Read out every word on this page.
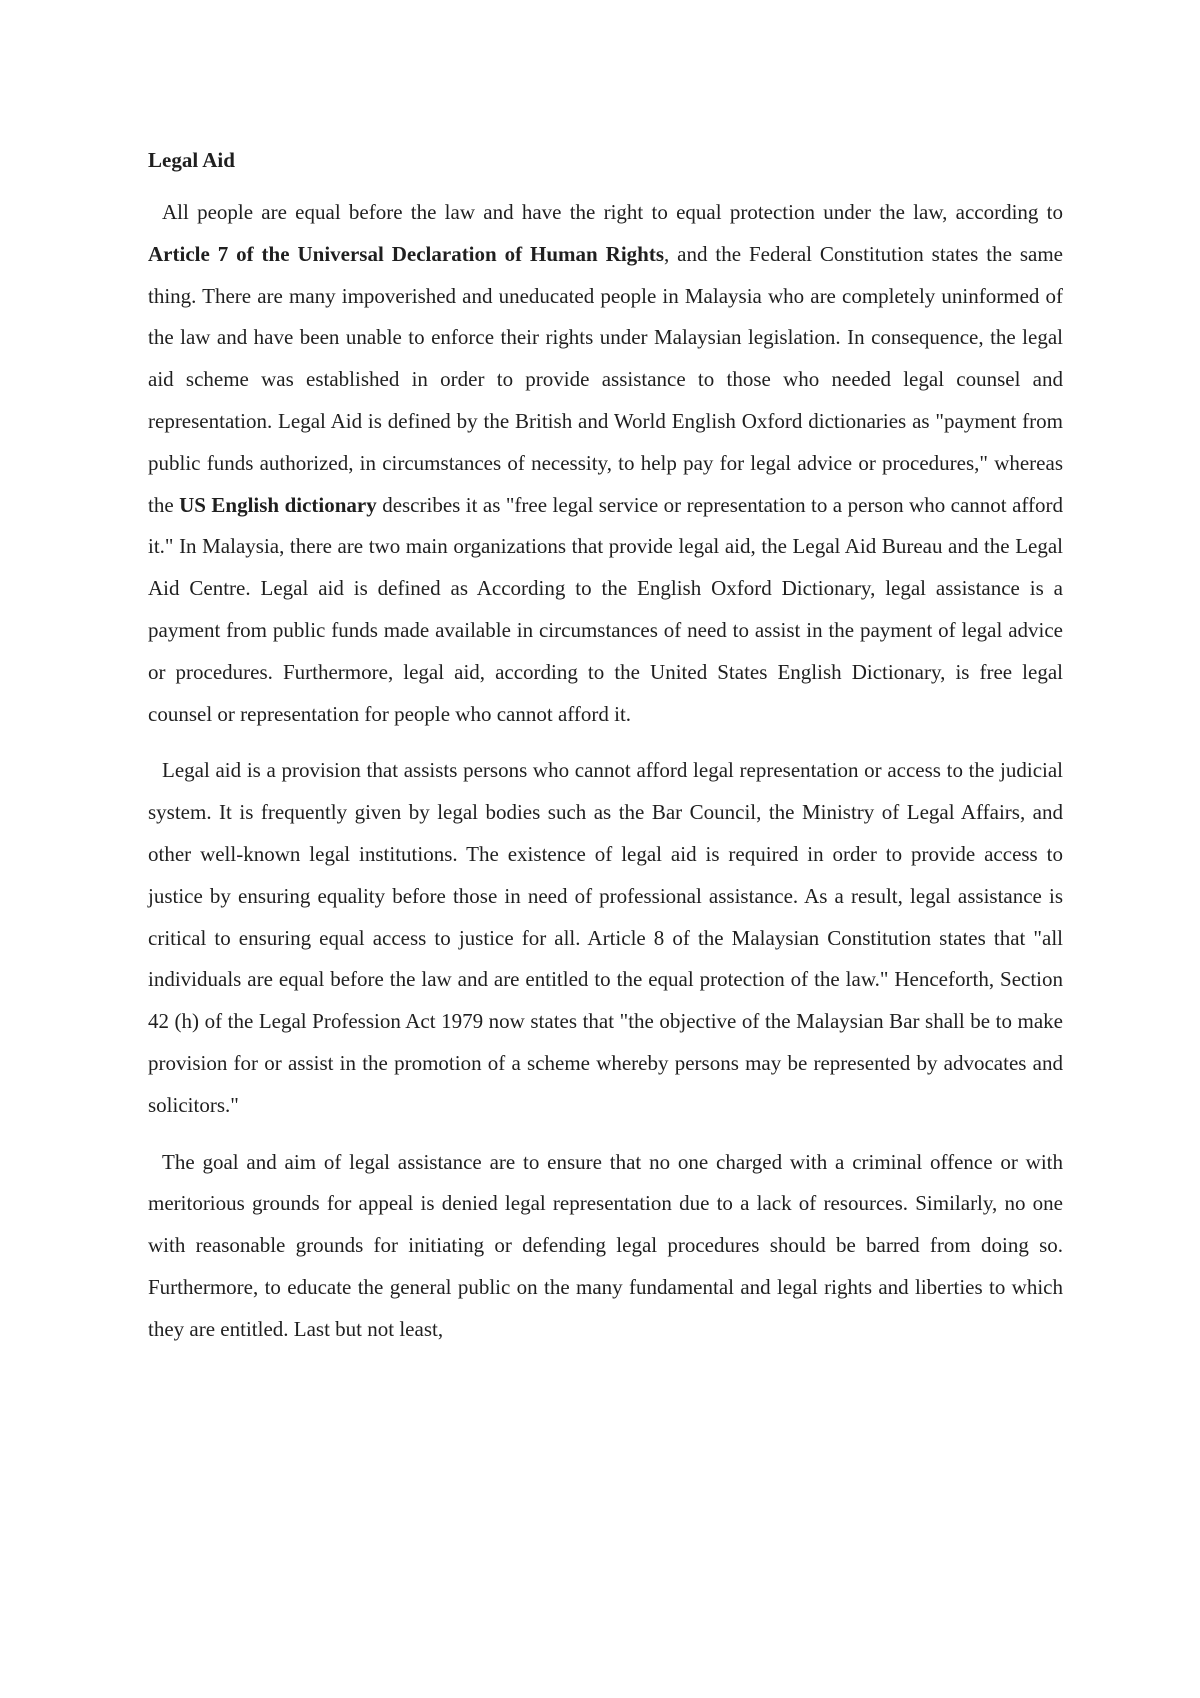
Legal Aid

All people are equal before the law and have the right to equal protection under the law, according to Article 7 of the Universal Declaration of Human Rights, and the Federal Constitution states the same thing. There are many impoverished and uneducated people in Malaysia who are completely uninformed of the law and have been unable to enforce their rights under Malaysian legislation. In consequence, the legal aid scheme was established in order to provide assistance to those who needed legal counsel and representation. Legal Aid is defined by the British and World English Oxford dictionaries as "payment from public funds authorized, in circumstances of necessity, to help pay for legal advice or procedures," whereas the US English dictionary describes it as "free legal service or representation to a person who cannot afford it." In Malaysia, there are two main organizations that provide legal aid, the Legal Aid Bureau and the Legal Aid Centre. Legal aid is defined as According to the English Oxford Dictionary, legal assistance is a payment from public funds made available in circumstances of need to assist in the payment of legal advice or procedures. Furthermore, legal aid, according to the United States English Dictionary, is free legal counsel or representation for people who cannot afford it.

Legal aid is a provision that assists persons who cannot afford legal representation or access to the judicial system. It is frequently given by legal bodies such as the Bar Council, the Ministry of Legal Affairs, and other well-known legal institutions. The existence of legal aid is required in order to provide access to justice by ensuring equality before those in need of professional assistance. As a result, legal assistance is critical to ensuring equal access to justice for all. Article 8 of the Malaysian Constitution states that "all individuals are equal before the law and are entitled to the equal protection of the law." Henceforth, Section 42 (h) of the Legal Profession Act 1979 now states that "the objective of the Malaysian Bar shall be to make provision for or assist in the promotion of a scheme whereby persons may be represented by advocates and solicitors."

The goal and aim of legal assistance are to ensure that no one charged with a criminal offence or with meritorious grounds for appeal is denied legal representation due to a lack of resources. Similarly, no one with reasonable grounds for initiating or defending legal procedures should be barred from doing so. Furthermore, to educate the general public on the many fundamental and legal rights and liberties to which they are entitled. Last but not least,
